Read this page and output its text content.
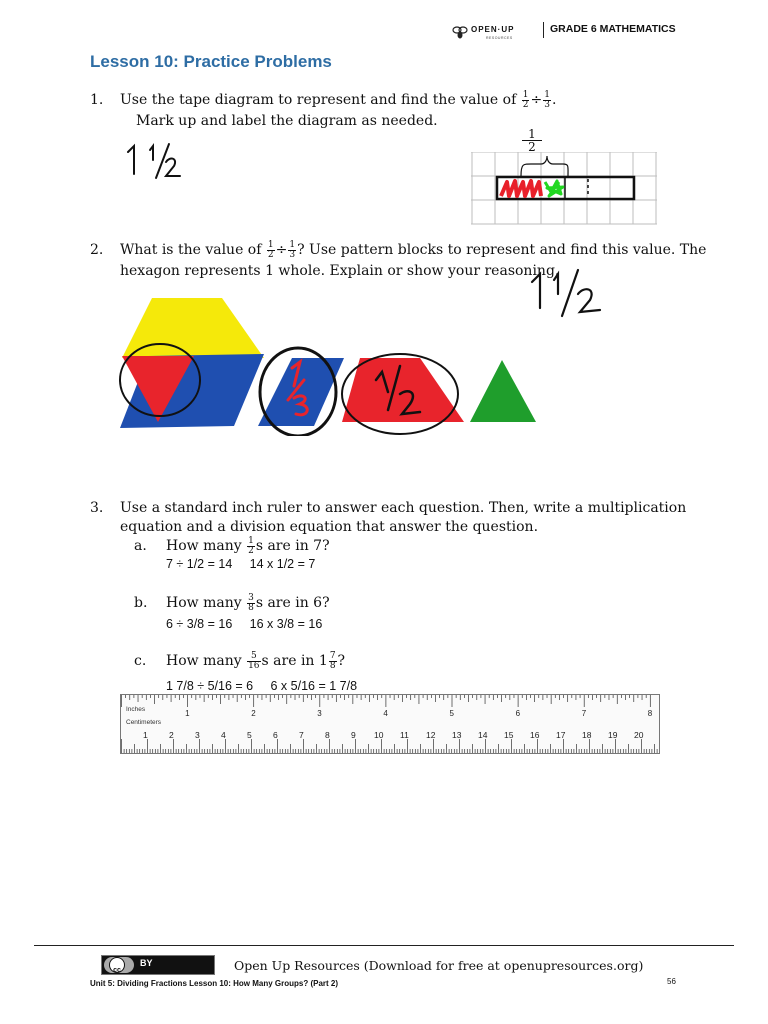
OPEN·UP
RESOURCES
GRADE 6 MATHEMATICS
Lesson 10: Practice Problems
1. Use the tape diagram to represent and find the value of $\frac{1}{2} \div \frac{1}{3}$ .
Mark up and label the diagram as needed.
1
2
2. What is the value of $\frac{1}{2} \div \frac{1}{3}$ ? Use pattern blocks to represent and find this value. The
hexagon represents 1 whole. Explain or show your reasoning.
3. Use a standard inch ruler to answer each question. Then, write a multiplication
equation and a division equation that answer the question.
a. How many $\frac{1}{2}$ s are in 7?
7 ÷ 1/2 = 14     14 x 1/2 = 7
b. How many $\frac{3}{8}$ s are in 6?
6 ÷ 3/8 = 16     16 x 3/8 = 16
c. How many $\frac{5}{16}$ s are in $1 \frac{7}{8}$ ?
1 7/8 ÷ 5/16 = 6     6 x 5/16 = 1 7/8
1	2	3	4	5	6	7	8
1	2	3	4	5	6	7	8	9 10 11 12 13 14 15 16 17 18 19 20
Inches
Centimeters
cc
BY	Open Up Resources (Download for free at openupresources.org)
Unit 5: Dividing Fractions Lesson 10: How Many Groups? (Part 2)	56
